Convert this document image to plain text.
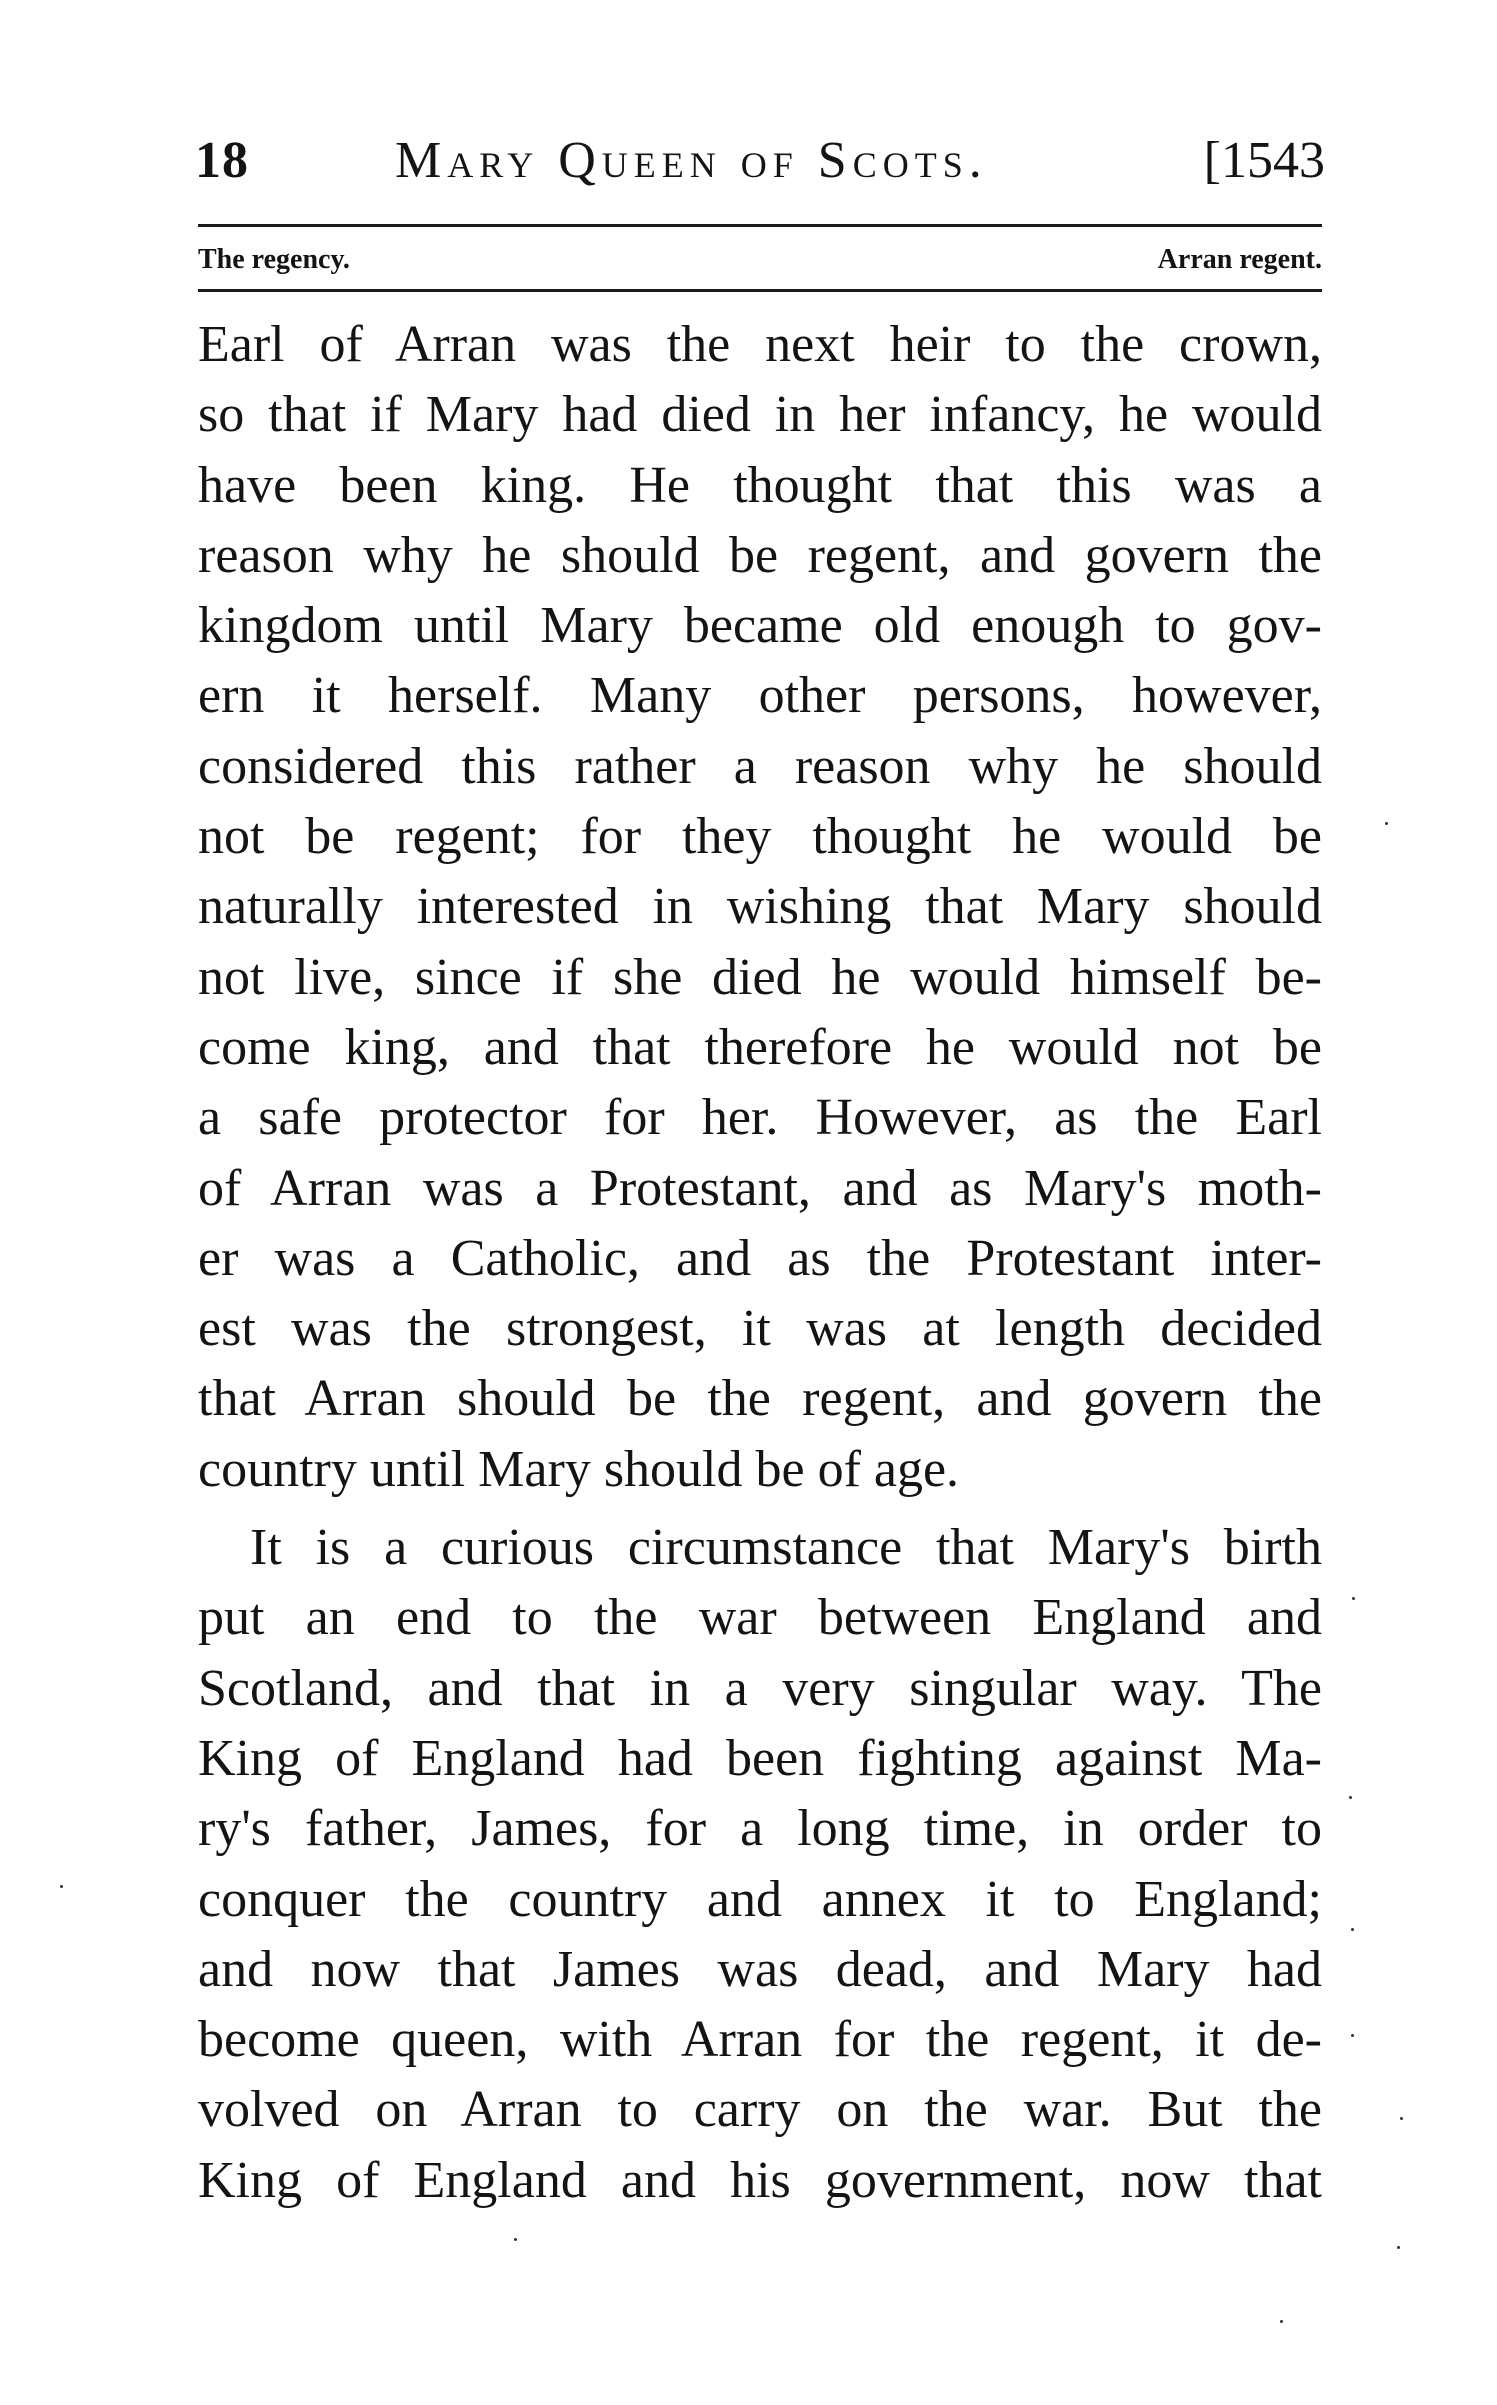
18	Mary Queen of Scots.	[1543
The regency.	Arran regent.
Earl of Arran was the next heir to the crown,
so that if Mary had died in her infancy, he would
have been king. He thought that this was a
reason why he should be regent, and govern the
kingdom until Mary became old enough to gov-
ern it herself. Many other persons, however,
considered this rather a reason why he should
not be regent; for they thought he would be
naturally interested in wishing that Mary should
not live, since if she died he would himself be-
come king, and that therefore he would not be
a safe protector for her. However, as the Earl
of Arran was a Protestant, and as Mary's moth-
er was a Catholic, and as the Protestant inter-
est was the strongest, it was at length decided
that Arran should be the regent, and govern the
country until Mary should be of age.
It is a curious circumstance that Mary's birth
put an end to the war between England and
Scotland, and that in a very singular way. The
King of England had been fighting against Ma-
ry's father, James, for a long time, in order to
conquer the country and annex it to England;
and now that James was dead, and Mary had
become queen, with Arran for the regent, it de-
volved on Arran to carry on the war. But the
King of England and his government, now that
